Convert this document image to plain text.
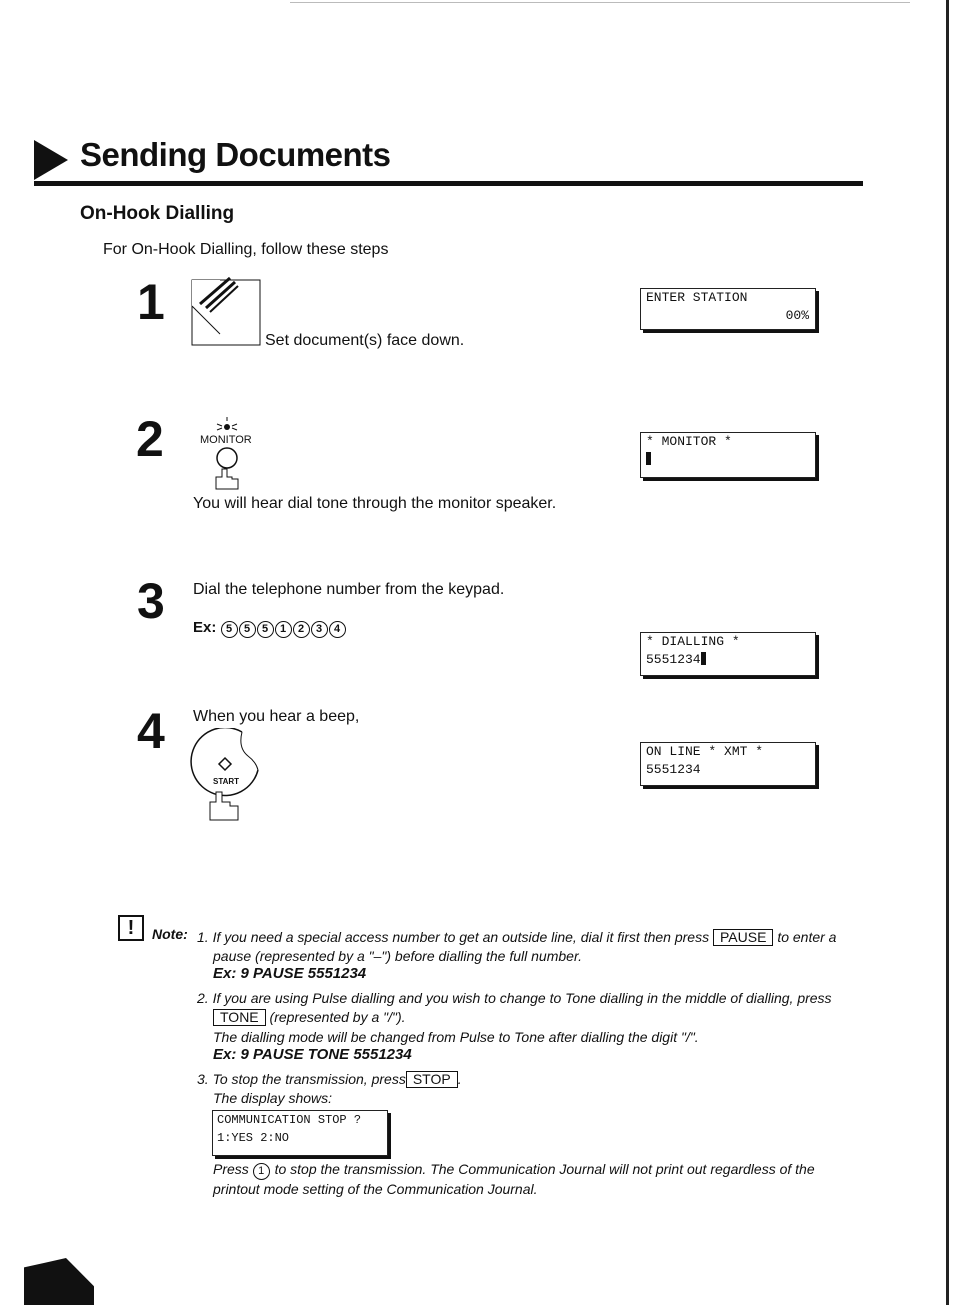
Sending Documents
On-Hook Dialling
For On-Hook Dialling, follow these steps
1
Set document(s) face down.
ENTER STATION
00%
2	MONITOR
You will hear dial tone through the monitor speaker.
* MONITOR *
3 Dial the telephone number from the keypad.
Ex: 5 5 5 1 2 3 4
* DIALLING *
5551234
4 When you hear a beep,
START
ON LINE * XMT *
5551234
!	Note: 1. If you need a special access number to get an outside line, dial it first then press PAUSE to enter a
pause (represented by a "–") before dialling the full number.
Ex: 9 PAUSE 5551234
2. If you are using Pulse dialling and you wish to change to Tone dialling in the middle of dialling, press
TONE (represented by a "/").
The dialling mode will be changed from Pulse to Tone after dialling the digit "/".
Ex: 9 PAUSE TONE 5551234
3. To stop the transmission, press STOP .
The display shows:
COMMUNICATION STOP ?
1:YES 2:NO
Press 1 to stop the transmission. The Communication Journal will not print out regardless of the
printout mode setting of the Communication Journal.
